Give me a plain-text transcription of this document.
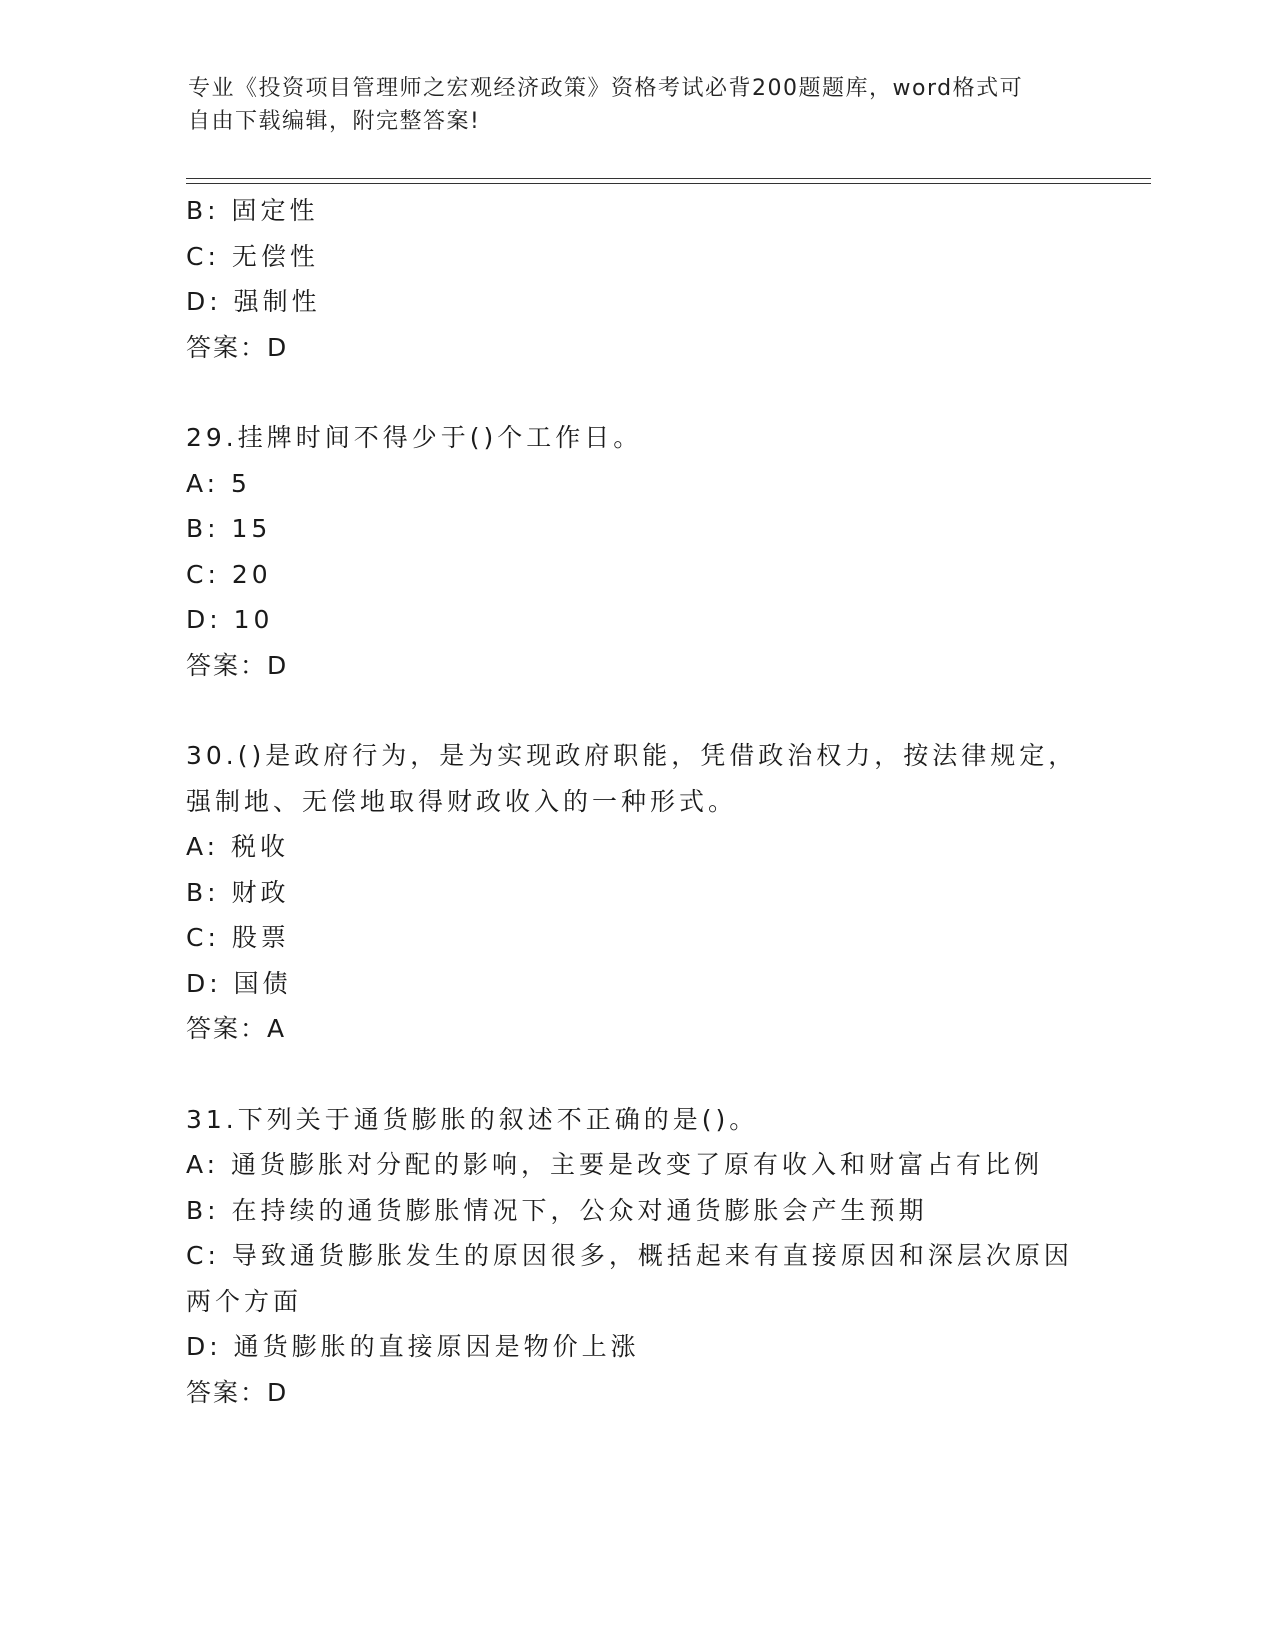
专业《投资项目管理师之宏观经济政策》资格考试必背200题题库，word格式可
自由下载编辑，附完整答案!
B: 固定性
C: 无偿性
D: 强制性
答案：D
29.挂牌时间不得少于()个工作日。
A: 5
B: 15
C: 20
D: 10
答案：D
30.()是政府行为，是为实现政府职能，凭借政治权力，按法律规定，
强制地、无偿地取得财政收入的一种形式。
A: 税收
B: 财政
C: 股票
D: 国债
答案：A
31.下列关于通货膨胀的叙述不正确的是()。
A: 通货膨胀对分配的影响，主要是改变了原有收入和财富占有比例
B: 在持续的通货膨胀情况下，公众对通货膨胀会产生预期
C: 导致通货膨胀发生的原因很多，概括起来有直接原因和深层次原因
两个方面
D: 通货膨胀的直接原因是物价上涨
答案：D
